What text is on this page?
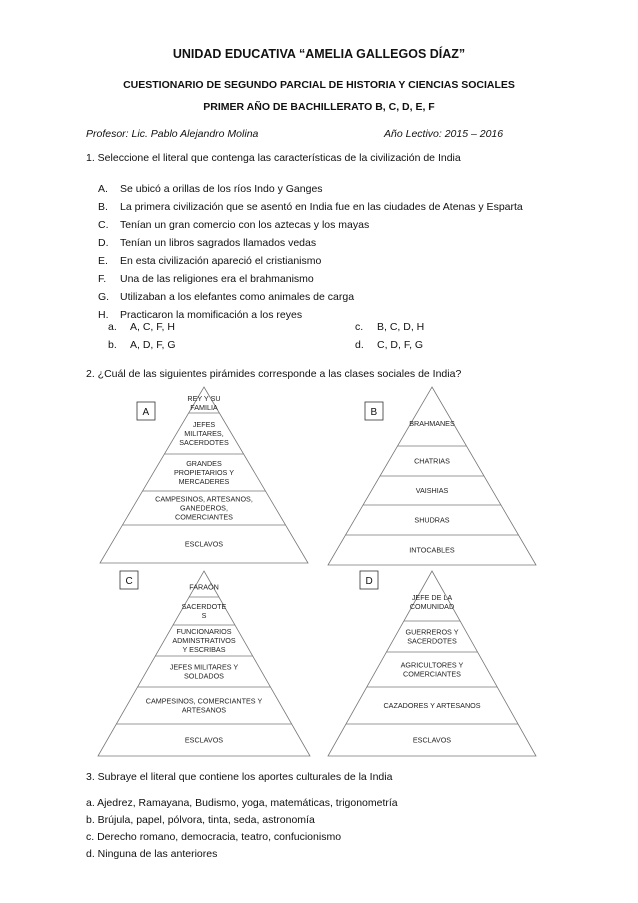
UNIDAD EDUCATIVA “AMELIA GALLEGOS DÍAZ”
CUESTIONARIO DE SEGUNDO PARCIAL DE HISTORIA Y CIENCIAS SOCIALES
PRIMER AÑO DE BACHILLERATO B, C, D, E, F
Profesor: Lic. Pablo Alejandro Molina	Año Lectivo: 2015 – 2016
1. Seleccione el literal que contenga las características de la civilización de India
A. Se ubicó a orillas de los ríos Indo y Ganges
B. La primera civilización que se asentó en India fue en las ciudades de Atenas y Esparta
C. Tenían un gran comercio con los aztecas y los mayas
D. Tenían un libros sagrados llamados vedas
E. En esta civilización apareció el cristianismo
F. Una de las religiones era el brahmanismo
G. Utilizaban a los elefantes como animales de carga
H. Practicaron la momificación a los reyes
a. A, C, F, H
b. A, D, F, G
c. B, C, D, H
d. C, D, F, G
2. ¿Cuál de las siguientes pirámides corresponde a las clases sociales de India?
REY Y SU
FAMILIA
JEFES
MILITARES,
SACERDOTES
GRANDES
PROPIETARIOS Y
MERCADERES
CAMPESINOS, ARTESANOS,
GANEDEROS,
COMERCIANTES
ESCLAVOS
A
BRAHMANES
CHATRIAS
VAISHIAS
SHUDRAS
INTOCABLES
B
FARAÓN
SACERDOTE
S
FUNCIONARIOS
ADMINSTRATIVOS
Y ESCRIBAS
JEFES MILITARES Y
SOLDADOS
CAMPESINOS, COMERCIANTES Y
ARTESANOS
ESCLAVOS
C
JEFE DE LA
COMUNIDAD
GUERREROS Y
SACERDOTES
AGRICULTORES Y
COMERCIANTES
CAZADORES Y ARTESANOS
ESCLAVOS
D
3. Subraye el literal que contiene los aportes culturales de la India
a. Ajedrez, Ramayana, Budismo, yoga, matemáticas, trigonometría
b. Brújula, papel, pólvora, tinta, seda, astronomía
c. Derecho romano, democracia, teatro, confucionismo
d. Ninguna de las anteriores
